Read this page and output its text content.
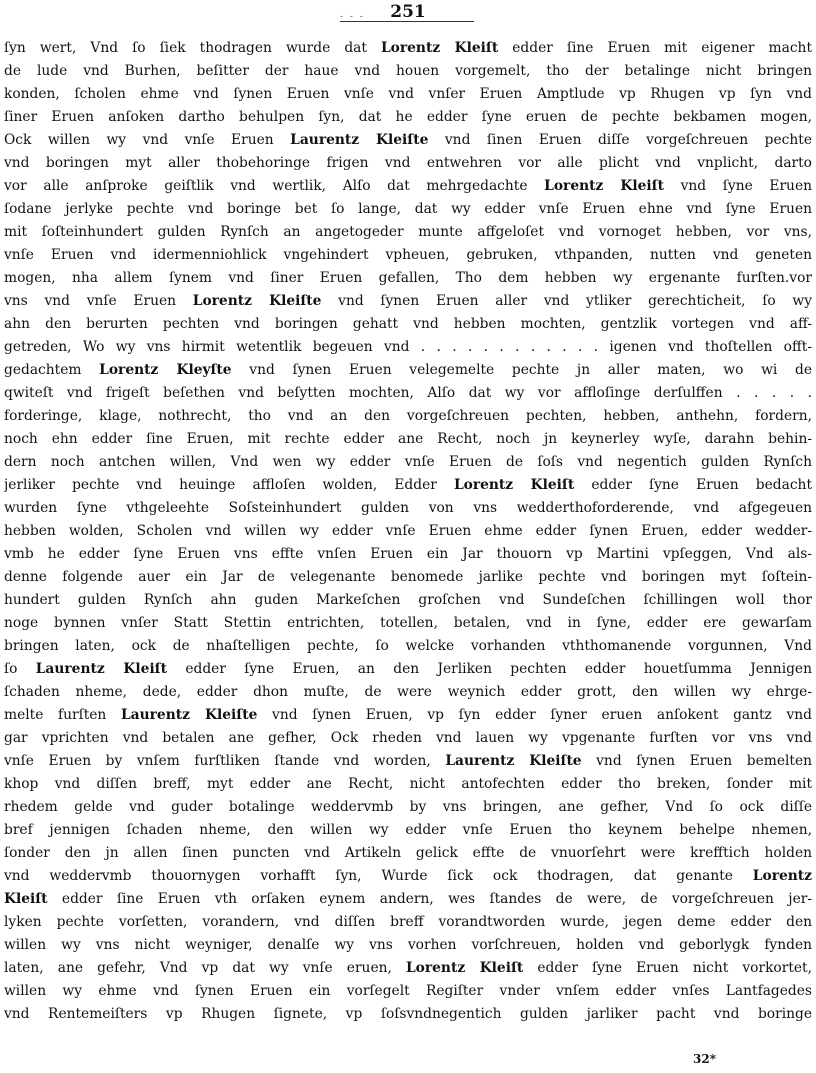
- - -	251
ſyn wert, Vnd ſo ſiek thodragen wurde dat Lorentz Kleiſt edder ſine Eruen mit eigener macht
de lude vnd Burhen, beſitter der haue vnd houen vorgemelt, tho der betalinge nicht bringen
konden, ſcholen ehme vnd ſynen Eruen vnſe vnd vnſer Eruen Amptlude vp Rhugen vp ſyn vnd
ſiner Eruen anſoken dartho behulpen ſyn, dat he edder ſyne eruen de pechte bekbamen mogen,
Ock willen wy vnd vnſe Eruen Laurentz Kleiſte vnd ſinen Eruen diſſe vorgeſchreuen pechte
vnd boringen myt aller thobehoringe frigen vnd entwehren vor alle plicht vnd vnplicht, darto
vor alle anſproke geiſtlik vnd wertlik, Alſo dat mehrgedachte Lorentz Kleiſt vnd ſyne Eruen
ſodane jerlyke pechte vnd boringe bet ſo lange, dat wy edder vnſe Eruen ehne vnd ſyne Eruen
mit ſoſteinhundert gulden Rynſch an angetogeder munte affgeloſet vnd vornoget hebben, vor vns,
vnſe Eruen vnd idermenniohlick vngehindert vpheuen, gebruken, vthpanden, nutten vnd geneten
mogen, nha allem ſynem vnd ſiner Eruen gefallen, Tho dem hebben wy ergenante furſten.vor
vns vnd vnſe Eruen Lorentz Kleiſte vnd ſynen Eruen aller vnd ytliker gerechticheit, ſo wy
ahn den berurten pechten vnd boringen gehatt vnd hebben mochten, gentzlik vortegen vnd aff-
getreden, Wo wy vns hirmit wetentlik begeuen vnd . . . . . . . . . . . . igenen vnd thoſtellen offt-
gedachtem Lorentz Kleyſte vnd ſynen Eruen velegemelte pechte jn aller maten, wo wi de
qwiteſt vnd frigeſt beſethen vnd beſytten mochten, Alſo dat wy vor affloſinge derſulffen . . . . .
forderinge, klage, nothrecht, tho vnd an den vorgeſchreuen pechten, hebben, anthehn, fordern,
noch ehn edder ſine Eruen, mit rechte edder ane Recht, noch jn keynerley wyſe, darahn behin-
dern noch antchen willen, Vnd wen wy edder vnſe Eruen de ſoſs vnd negentich gulden Rynſch
jerliker pechte vnd heuinge affloſen wolden, Edder Lorentz Kleiſt edder ſyne Eruen bedacht
wurden ſyne vthgeleehte Soſsteinhundert gulden von vns wedderthoforderende, vnd afgegeuen
hebben wolden, Scholen vnd willen wy edder vnſe Eruen ehme edder ſynen Eruen, edder wedder-
vmb he edder ſyne Eruen vns effte vnſen Eruen ein Jar thouorn vp Martini vpſeggen, Vnd als-
denne folgende auer ein Jar de velegenante benomede jarlike pechte vnd boringen myt ſoſtein-
hundert gulden Rynſch ahn guden Markeſchen groſchen vnd Sundeſchen ſchillingen woll thor
noge bynnen vnſer Statt Stettin entrichten, totellen, betalen, vnd in ſyne, edder ere gewarſam
bringen laten, ock de nhaſtelligen pechte, ſo welcke vorhanden vththomanende vorgunnen, Vnd
ſo Laurentz Kleiſt edder ſyne Eruen, an den Jerliken pechten edder houetſumma Jennigen
ſchaden nheme, dede, edder dhon muſte, de were weynich edder grott, den willen wy ehrge-
melte furſten Laurentz Kleiſte vnd ſynen Eruen, vp ſyn edder ſyner eruen anſokent gantz vnd
gar vprichten vnd betalen ane gefher, Ock rheden vnd lauen wy vpgenante furſten vor vns vnd
vnſe Eruen by vnſem furſtliken ſtande vnd worden, Laurentz Kleiſte vnd ſynen Eruen bemelten
khop vnd diſſen breff, myt edder ane Recht, nicht antofechten edder tho breken, ſonder mit
rhedem gelde vnd guder botalinge weddervmb by vns bringen, ane gefher, Vnd ſo ock diſſe
bref jennigen ſchaden nheme, den willen wy edder vnſe Eruen tho keynem behelpe nhemen,
ſonder den jn allen ſinen puncten vnd Artikeln gelick effte de vnuorſehrt were krefftich holden
vnd weddervmb thouornygen vorhafft ſyn, Wurde ſick ock thodragen, dat genante Lorentz
Kleiſt edder ſine Eruen vth orſaken eynem andern, wes ſtandes de were, de vorgeſchreuen jer-
lyken pechte vorſetten, vorandern, vnd diſſen breff vorandtworden wurde, jegen deme edder den
willen wy vns nicht weyniger, denalſe wy vns vorhen vorſchreuen, holden vnd geborlygk fynden
laten, ane gefehr, Vnd vp dat wy vnſe eruen, Lorentz Kleiſt edder ſyne Eruen nicht vorkortet,
willen wy ehme vnd ſynen Eruen ein vorſegelt Regiſter vnder vnſem edder vnſes Lantfagedes
vnd Rentemeiſters vp Rhugen ſignete, vp ſoſsvndnegentich gulden jarliker pacht vnd boringe
32*
